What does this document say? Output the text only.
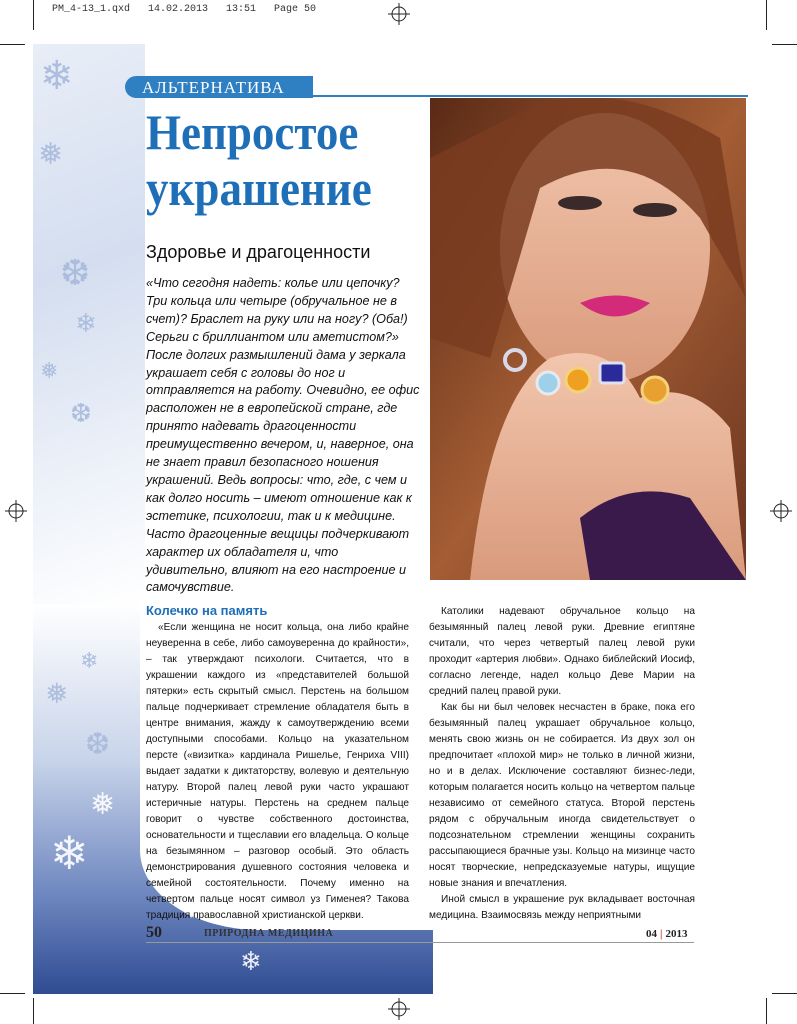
PM_4-13_1.qxd   14.02.2013   13:51   Page 50
❄
❅
❆
❄
❅
❆
❄
❅
❆
❄
❅
❆
❄
АЛЬТЕРНАТИВА
Непростое
украшение
Здоровье и драгоценности

«Что сегодня надеть: колье или цепочку? Три кольца или четыре (обручальное не в счет)? Браслет на руку или на ногу? (Оба!) Серьги с бриллиантом или аметистом?» После долгих размышлений дама у зеркала украшает себя с головы до ног и отправляется на работу. Очевидно, ее офис расположен не в европейской стране, где принято надевать драгоценности преимущественно вечером, и, наверное, она не знает правил безопасного ношения украшений. Ведь вопросы: что, где, с чем и как долго носить – имеют отношение как к эстетике, психологии, так и к медицине. Часто драгоценные вещицы подчеркивают характер их обладателя и, что удивительно, влияют на его настроение и самочувствие.

Колечко на память

«Если женщина не носит кольца, она либо крайне неуверенна в себе, либо самоуверенна до крайности», – так утверждают психологи. Считается, что в украшении каждого из «представителей большой пятерки» есть скрытый смысл. Перстень на большом пальце подчеркивает стремление обладателя быть в центре внимания, жажду к самоутверждению всеми доступными способами. Кольцо на указательном персте («визитка» кардинала Ришелье, Генриха VIII) выдает задатки к диктаторству, волевую и деятельную натуру. Второй палец левой руки часто украшают истеричные натуры. Перстень на среднем пальце говорит о чувстве собственного достоинства, основательности и тщеславии его владельца. О кольце на безымянном – разговор особый. Это область демонстрирования душевного состояния человека и семейной состоятельности. Почему именно на четвертом пальце носят символ уз Гименея? Такова традиция православной христианской церкви.

Католики надевают обручальное кольцо на безымянный палец левой руки. Древние египтяне считали, что через четвертый палец левой руки проходит «артерия любви». Однако библейский Иосиф, согласно легенде, надел кольцо Деве Марии на средний палец правой руки.

Как бы ни был человек несчастен в браке, пока его безымянный палец украшает обручальное кольцо, менять свою жизнь он не собирается. Из двух зол он предпочитает «плохой мир» не только в личной жизни, но и в делах. Исключение составляют бизнес-леди, которым полагается носить кольцо на четвертом пальце независимо от семейного статуса. Второй перстень рядом с обручальным иногда свидетельствует о подсознательном стремлении женщины сохранить рассыпающиеся брачные узы. Кольцо на мизинце часто носят творческие, непредсказуемые натуры, ищущие новые знания и впечатления.

Иной смысл в украшение рук вкладывает восточная медицина. Взаимосвязь между неприятными

50	ПРИРОДНА МЕДИЦИНА	04 | 2013
